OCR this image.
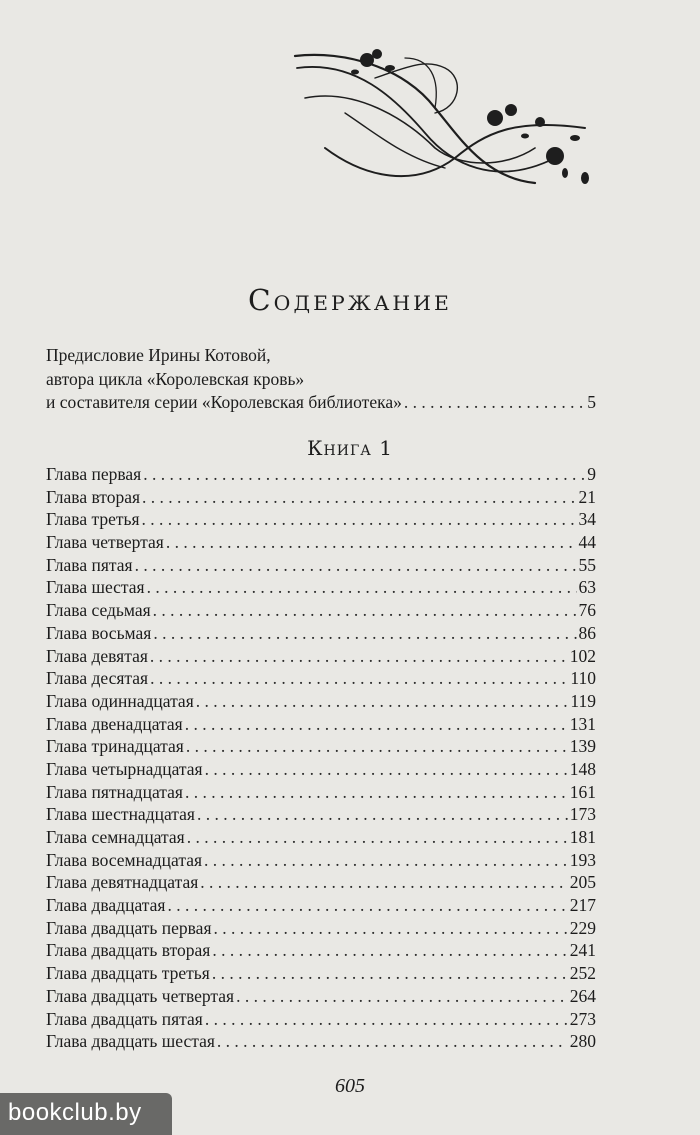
Содержание
Предисловие Ирины Котовой,
автора цикла «Королевская кровь»
и составителя серии «Королевская библиотека» . . .	5
Книга 1
Глава первая . . .	9
Глава вторая . . .	21
Глава третья . . .	34
Глава четвертая . . .	44
Глава пятая . . .	55
Глава шестая . . .	63
Глава седьмая . . .	76
Глава восьмая . . .	86
Глава девятая . . .	102
Глава десятая . . .	110
Глава одиннадцатая . . .	119
Глава двенадцатая . . .	131
Глава тринадцатая . . .	139
Глава четырнадцатая . . .	148
Глава пятнадцатая . . .	161
Глава шестнадцатая . . .	173
Глава семнадцатая . . .	181
Глава восемнадцатая . . .	193
Глава девятнадцатая . . .	205
Глава двадцатая . . .	217
Глава двадцать первая . . .	229
Глава двадцать вторая . . .	241
Глава двадцать третья . . .	252
Глава двадцать четвертая . . .	264
Глава двадцать пятая . . .	273
Глава двадцать шестая . . .	280
605
bookclub.by
